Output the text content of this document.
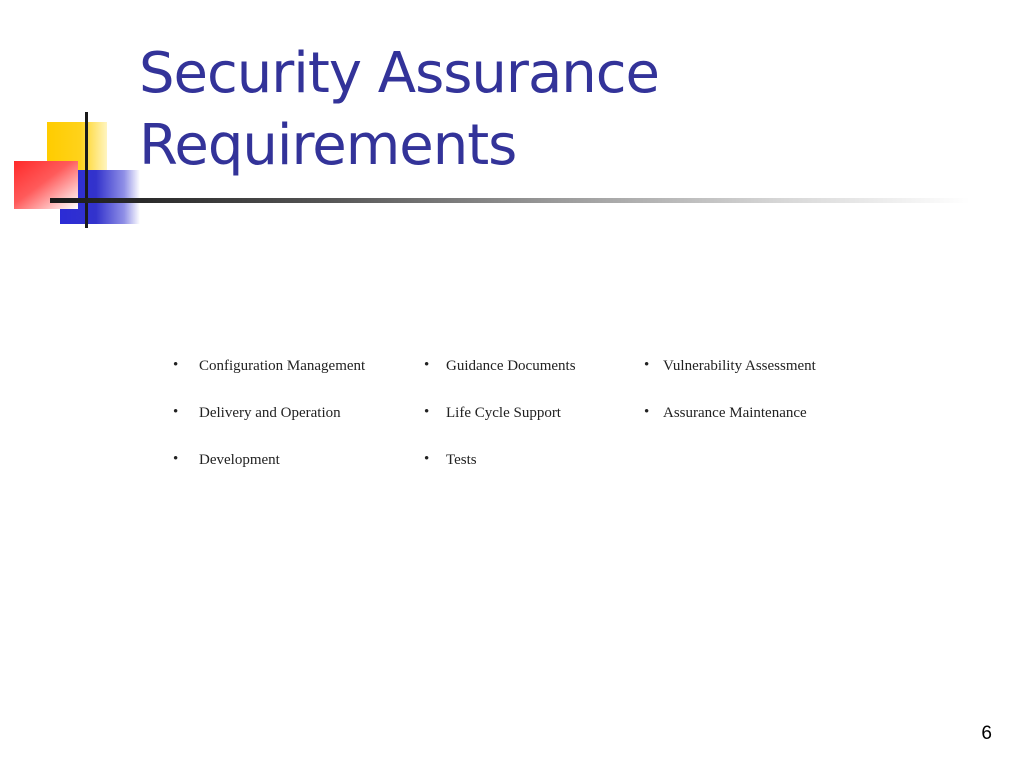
Security Assurance
Requirements
• Configuration Management
• Delivery and Operation
• Development
• Guidance Documents
• Life Cycle Support
• Tests
• Vulnerability Assessment
• Assurance Maintenance
6
